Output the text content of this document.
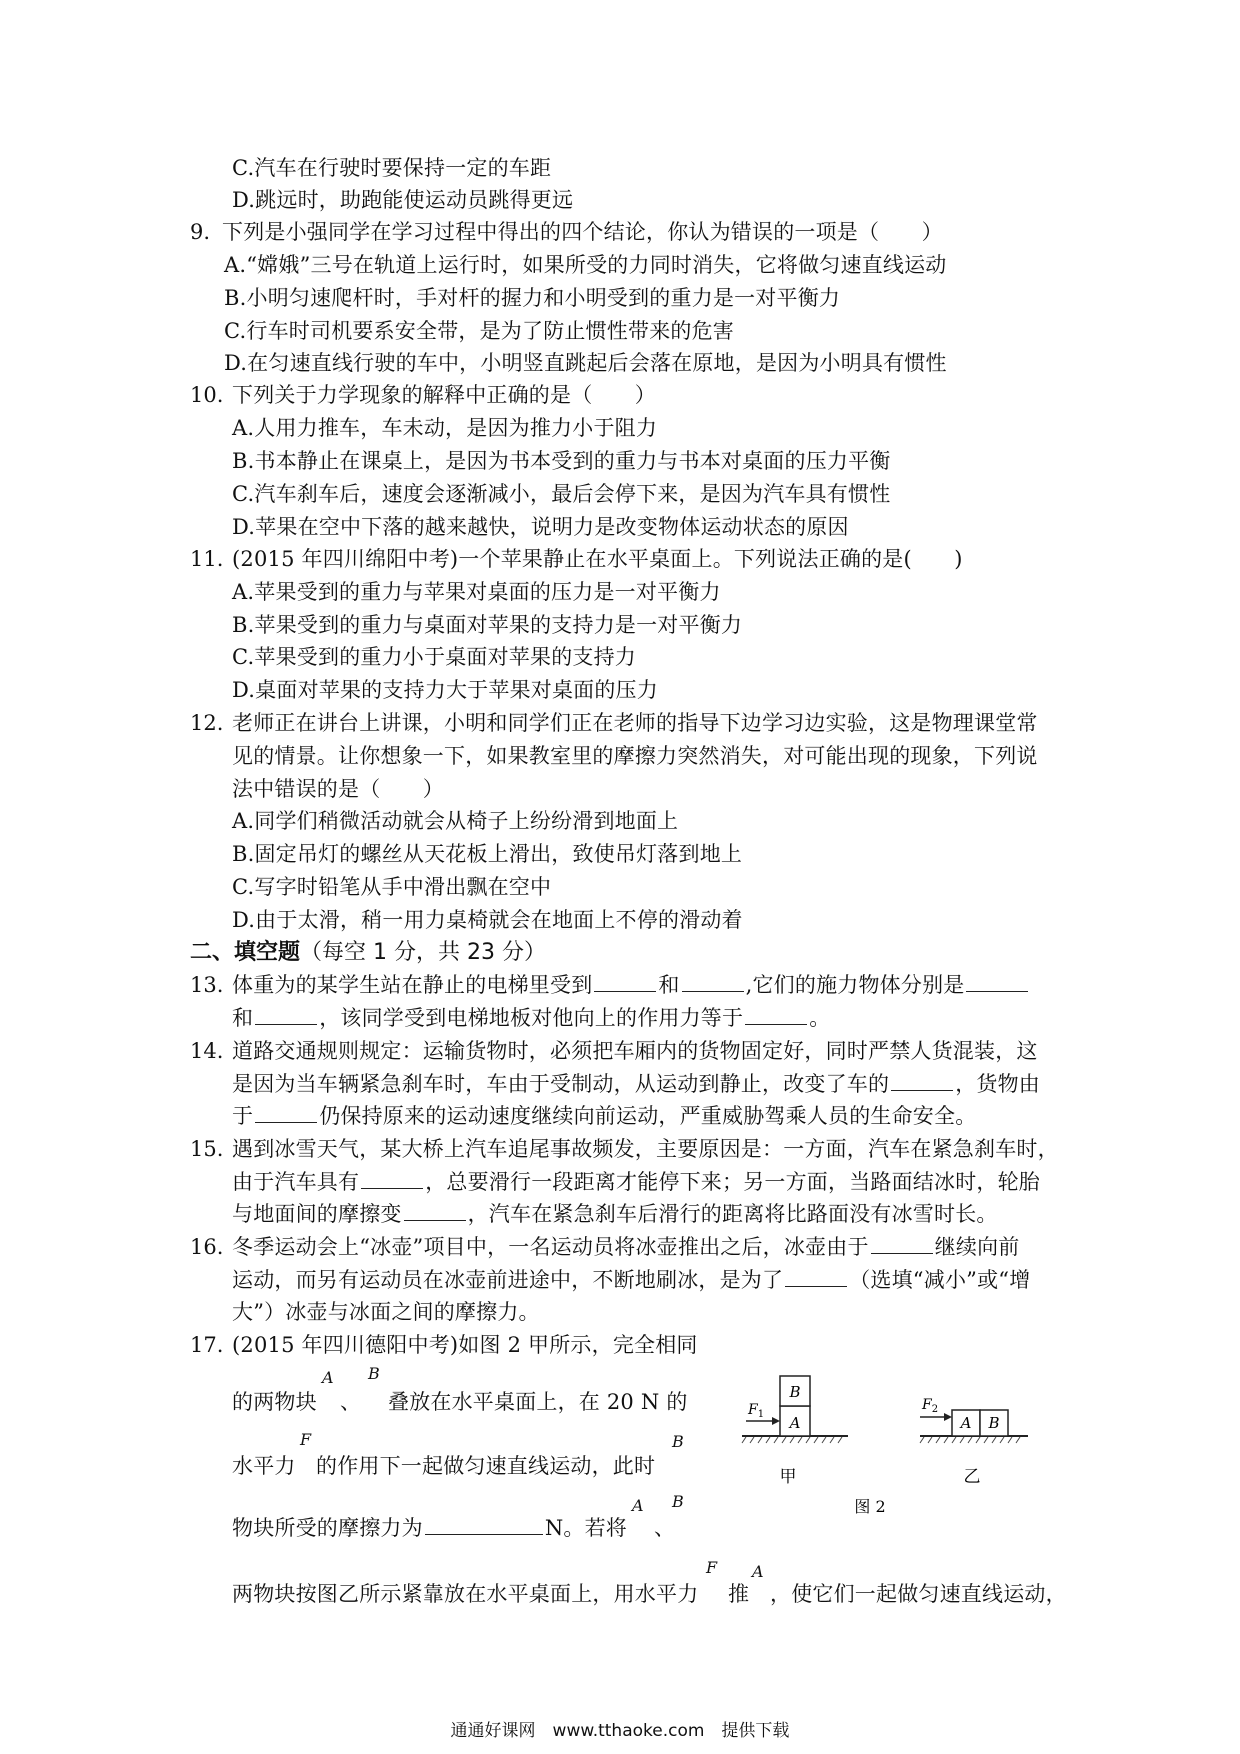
C.汽车在行驶时要保持一定的车距
D.跳远时，助跑能使运动员跳得更远
9. 下列是小强同学在学习过程中得出的四个结论，你认为错误的一项是（　　）
A.“嫦娥”三号在轨道上运行时，如果所受的力同时消失，它将做匀速直线运动
B.小明匀速爬杆时，手对杆的握力和小明受到的重力是一对平衡力
C.行车时司机要系安全带，是为了防止惯性带来的危害
D.在匀速直线行驶的车中，小明竖直跳起后会落在原地，是因为小明具有惯性
10. 下列关于力学现象的解释中正确的是（　　）
A.人用力推车，车未动，是因为推力小于阻力
B.书本静止在课桌上，是因为书本受到的重力与书本对桌面的压力平衡
C.汽车刹车后，速度会逐渐减小，最后会停下来，是因为汽车具有惯性
D.苹果在空中下落的越来越快，说明力是改变物体运动状态的原因
11. (2015 年四川绵阳中考)一个苹果静止在水平桌面上。下列说法正确的是(　　)
A.苹果受到的重力与苹果对桌面的压力是一对平衡力
B.苹果受到的重力与桌面对苹果的支持力是一对平衡力
C.苹果受到的重力小于桌面对苹果的支持力
D.桌面对苹果的支持力大于苹果对桌面的压力
12. 老师正在讲台上讲课，小明和同学们正在老师的指导下边学习边实验，这是物理课堂常
见的情景。让你想象一下，如果教室里的摩擦力突然消失，对可能出现的现象，下列说
法中错误的是（　　）
A.同学们稍微活动就会从椅子上纷纷滑到地面上
B.固定吊灯的螺丝从天花板上滑出，致使吊灯落到地上
C.写字时铅笔从手中滑出飘在空中
D.由于太滑，稍一用力桌椅就会在地面上不停的滑动着
二、填空题（每空 1 分，共 23 分）
13. 体重为的某学生站在静止的电梯里受到	和	,它们的施力物体分别是
和	，该同学受到电梯地板对他向上的作用力等于	。
14. 道路交通规则规定：运输货物时，必须把车厢内的货物固定好，同时严禁人货混装，这
是因为当车辆紧急刹车时，车由于受制动，从运动到静止，改变了车的	，货物由
于	仍保持原来的运动速度继续向前运动，严重威胁驾乘人员的生命安全。
15. 遇到冰雪天气，某大桥上汽车追尾事故频发，主要原因是：一方面，汽车在紧急刹车时，
由于汽车具有	，总要滑行一段距离才能停下来；另一方面，当路面结冰时，轮胎
与地面间的摩擦变	，汽车在紧急刹车后滑行的距离将比路面没有冰雪时长。
16. 冬季运动会上“冰壶”项目中，一名运动员将冰壶推出之后，冰壶由于	继续向前
运动，而另有运动员在冰壶前进途中，不断地刷冰，是为了	（选填“减小”或“增
大”）冰壶与冰面之间的摩擦力。
17. (2015 年四川德阳中考)如图 2 甲所示，完全相同
的两物块
A
、
B
叠放在水平桌面上，在 20 N 的
水平力
F
的作用下一起做匀速直线运动，此时
B
物块所受的摩擦力为	N。若将
A
、
B
两物块按图乙所示紧靠放在水平桌面上，用水平力
F
推
A
，使它们一起做匀速直线运动，
A
B
$F_1$
甲
A B
$F_2$
乙
图 2
通通好课网　www.tthaoke.com　提供下载
